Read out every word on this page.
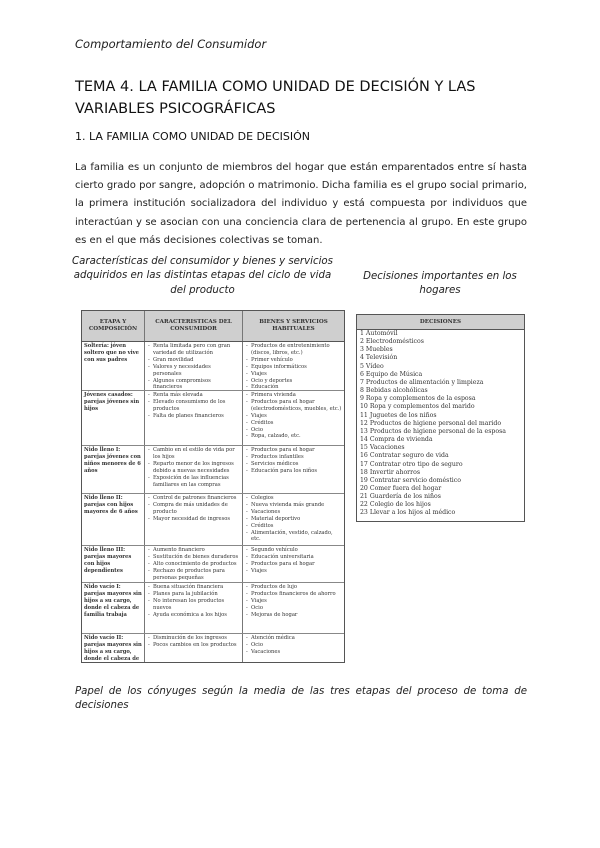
Comportamiento del Consumidor
TEMA 4. LA FAMILIA COMO UNIDAD DE DECISIÓN Y LAS VARIABLES PSICOGRÁFICAS
1. LA FAMILIA COMO UNIDAD DE DECISIÓN
La familia es un conjunto de miembros del hogar que están emparentados entre sí hasta cierto grado por sangre, adopción o matrimonio. Dicha familia es el grupo social primario, la primera institución socializadora del individuo y está compuesta por individuos que interactúan y se asocian con una conciencia clara de pertenencia al grupo. En este grupo es en el que más decisiones colectivas se toman.
Características del consumidor y bienes y servicios adquiridos en las distintas etapas del ciclo de vida del producto
Decisiones importantes en los hogares
ETAPA Y COMPOSICIÓN
CARACTERISTICAS DEL CONSUMIDOR
BIENES Y SERVICIOS HABITUALES
Soltería: jóven soltero que no vive con sus padres
- Renta limitada pero con gran variedad de utilización
- Gran movilidad
- Valores y necesidades personales
- Algunos compromisos financieros
- Productos de entretenimiento (discos, libros, etc.)
- Primer vehículo
- Equipos informáticos
- Viajes
- Ocio y deportes
- Educación
Jóvenes casados: parejas jóvenes sin hijos
- Renta más elevada
- Elevado consumismo de los productos
- Falta de planes financieros
- Primera vivienda
- Productos para el hogar (electrodomésticos, muebles, etc.)
- Viajes
- Créditos
- Ocio
- Ropa, calzado, etc.
Nido lleno I: parejas jóvenes con niños menores de 6 años
- Cambio en el estilo de vida por los hijos
- Reparto menor de los ingresos debido a nuevas necesidades
- Exposición de las influencias familiares en las compras
- Productos para el hogar
- Productos infantiles
- Servicios médicos
- Educación para los niños
Nido lleno II: parejas con hijos mayores de 6 años
- Control de patrones financieros
- Compra de más unidades de producto
- Mayor necesidad de ingresos
- Colegios
- Nueva vivienda más grande
- Vacaciones
- Material deportivo
- Créditos
- Alimentación, vestido, calzado, etc.
Nido lleno III: parejas mayores con hijos dependientes
- Aumento financiero
- Sustitución de bienes duraderos
- Alto conocimiento de productos
- Rechazo de productos para personas pequeñas
- Segundo vehículo
- Educación universitaria
- Productos para el hogar
- Viajes
Nido vacío I: parejas mayores sin hijos a su cargo, donde el cabeza de familia trabaja
- Buena situación financiera
- Planes para la jubilación
- No interesan los productos nuevos
- Ayuda económica a los hijos
- Productos de lujo
- Productos financieros de ahorro
- Viajes
- Ocio
- Mejoras de hogar
Nido vacío II: parejas mayores sin hijos a su cargo, donde el cabeza de
- Disminución de los ingresos
- Pocos cambios en los productos
- Atención médica
- Ocio
- Vacaciones
DECISIONES
1 Automóvil
2 Electrodomésticos
3 Muebles
4 Televisión
5 Vídeo
6 Equipo de Música
7 Productos de alimentación y limpieza
8 Bebidas alcohólicas
9 Ropa y complementos de la esposa
10 Ropa y complementos del marido
11 Juguetes de los niños
12 Productos de higiene personal del marido
13 Productos de higiene personal de la esposa
14 Compra de vivienda
15 Vacaciones
16 Contratar seguro de vida
17 Contratar otro tipo de seguro
18 Invertir ahorros
19 Contratar servicio doméstico
20 Comer fuera del hogar
21 Guardería de los niños
22 Colegio de los hijos
23 Llevar a los hijos al médico
Papel de los cónyuges según la media de las tres etapas del proceso de toma de decisiones
